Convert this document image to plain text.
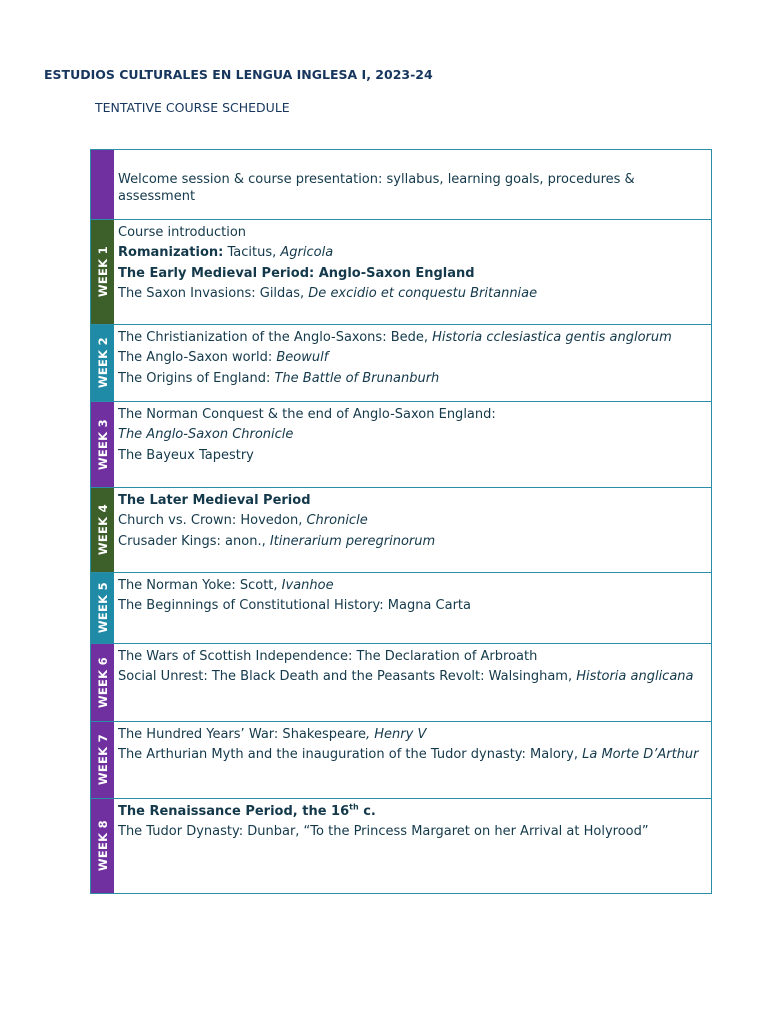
ESTUDIOS CULTURALES EN LENGUA INGLESA I, 2023-24
TENTATIVE COURSE SCHEDULE
Welcome session & course presentation: syllabus, learning goals, procedures & assessment
WEEK 1
Course introduction
Romanization: Tacitus, Agricola
The Early Medieval Period: Anglo-Saxon England
The Saxon Invasions: Gildas, De excidio et conquestu Britanniae
WEEK 2 The Christianization of the Anglo-Saxons: Bede, Historia cclesiastica gentis anglorum
The Anglo-Saxon world: Beowulf
The Origins of England: The Battle of Brunanburh
WEEK 3
The Norman Conquest & the end of Anglo-Saxon England:
The Anglo-Saxon Chronicle
The Bayeux Tapestry
WEEK 4
The Later Medieval Period
Church vs. Crown: Hovedon, Chronicle
Crusader Kings: anon., Itinerarium peregrinorum
WEEK 5 The Norman Yoke: Scott, Ivanhoe
The Beginnings of Constitutional History: Magna Carta
WEEK 6
The Wars of Scottish Independence: The Declaration of Arbroath
Social Unrest: The Black Death and the Peasants Revolt: Walsingham, Historia anglicana
WEEK 7 The Hundred Years’ War: Shakespeare, Henry V
The Arthurian Myth and the inauguration of the Tudor dynasty: Malory, La Morte D’Arthur
WEEK 8
The Renaissance Period, the 16th c.
The Tudor Dynasty: Dunbar, “To the Princess Margaret on her Arrival at Holyrood”
